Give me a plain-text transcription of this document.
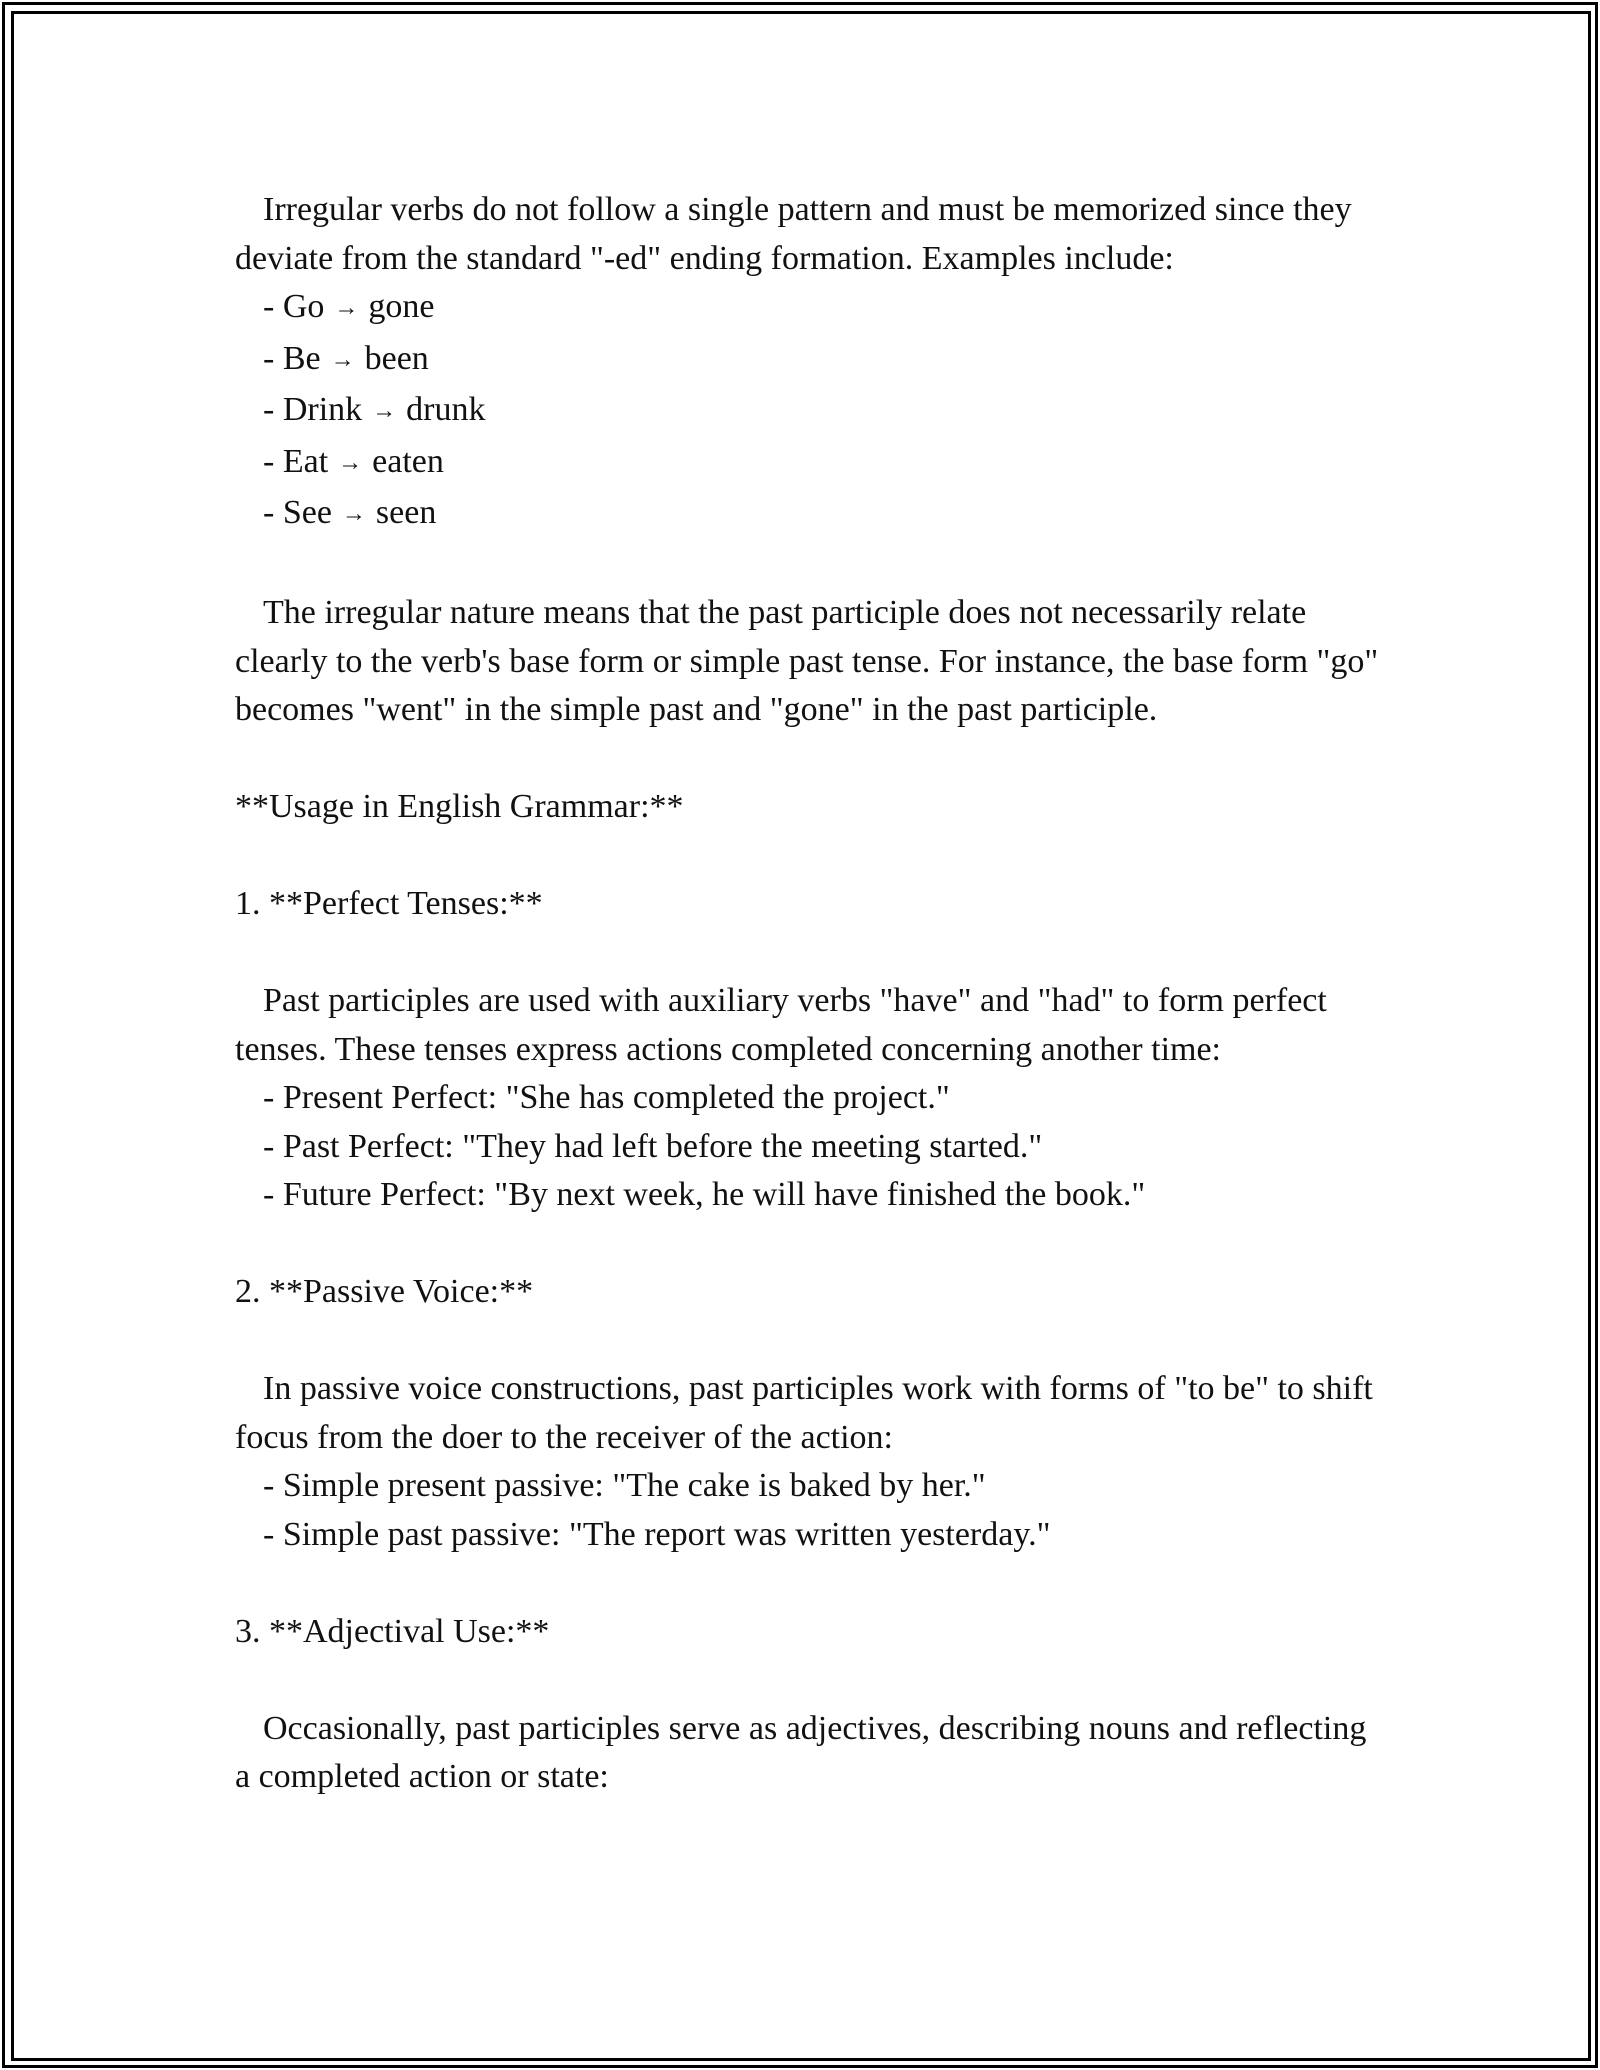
Irregular verbs do not follow a single pattern and must be memorized since they deviate from the standard "-ed" ending formation. Examples include:

- Go → gone

- Be → been

- Drink → drunk

- Eat → eaten

- See → seen

The irregular nature means that the past participle does not necessarily relate clearly to the verb's base form or simple past tense. For instance, the base form "go" becomes "went" in the simple past and "gone" in the past participle.

**Usage in English Grammar:**

1. **Perfect Tenses:**

Past participles are used with auxiliary verbs "have" and "had" to form perfect tenses. These tenses express actions completed concerning another time:

- Present Perfect: "She has completed the project."

- Past Perfect: "They had left before the meeting started."

- Future Perfect: "By next week, he will have finished the book."

2. **Passive Voice:**

In passive voice constructions, past participles work with forms of "to be" to shift focus from the doer to the receiver of the action:

- Simple present passive: "The cake is baked by her."

- Simple past passive: "The report was written yesterday."

3. **Adjectival Use:**

Occasionally, past participles serve as adjectives, describing nouns and reflecting a completed action or state:
